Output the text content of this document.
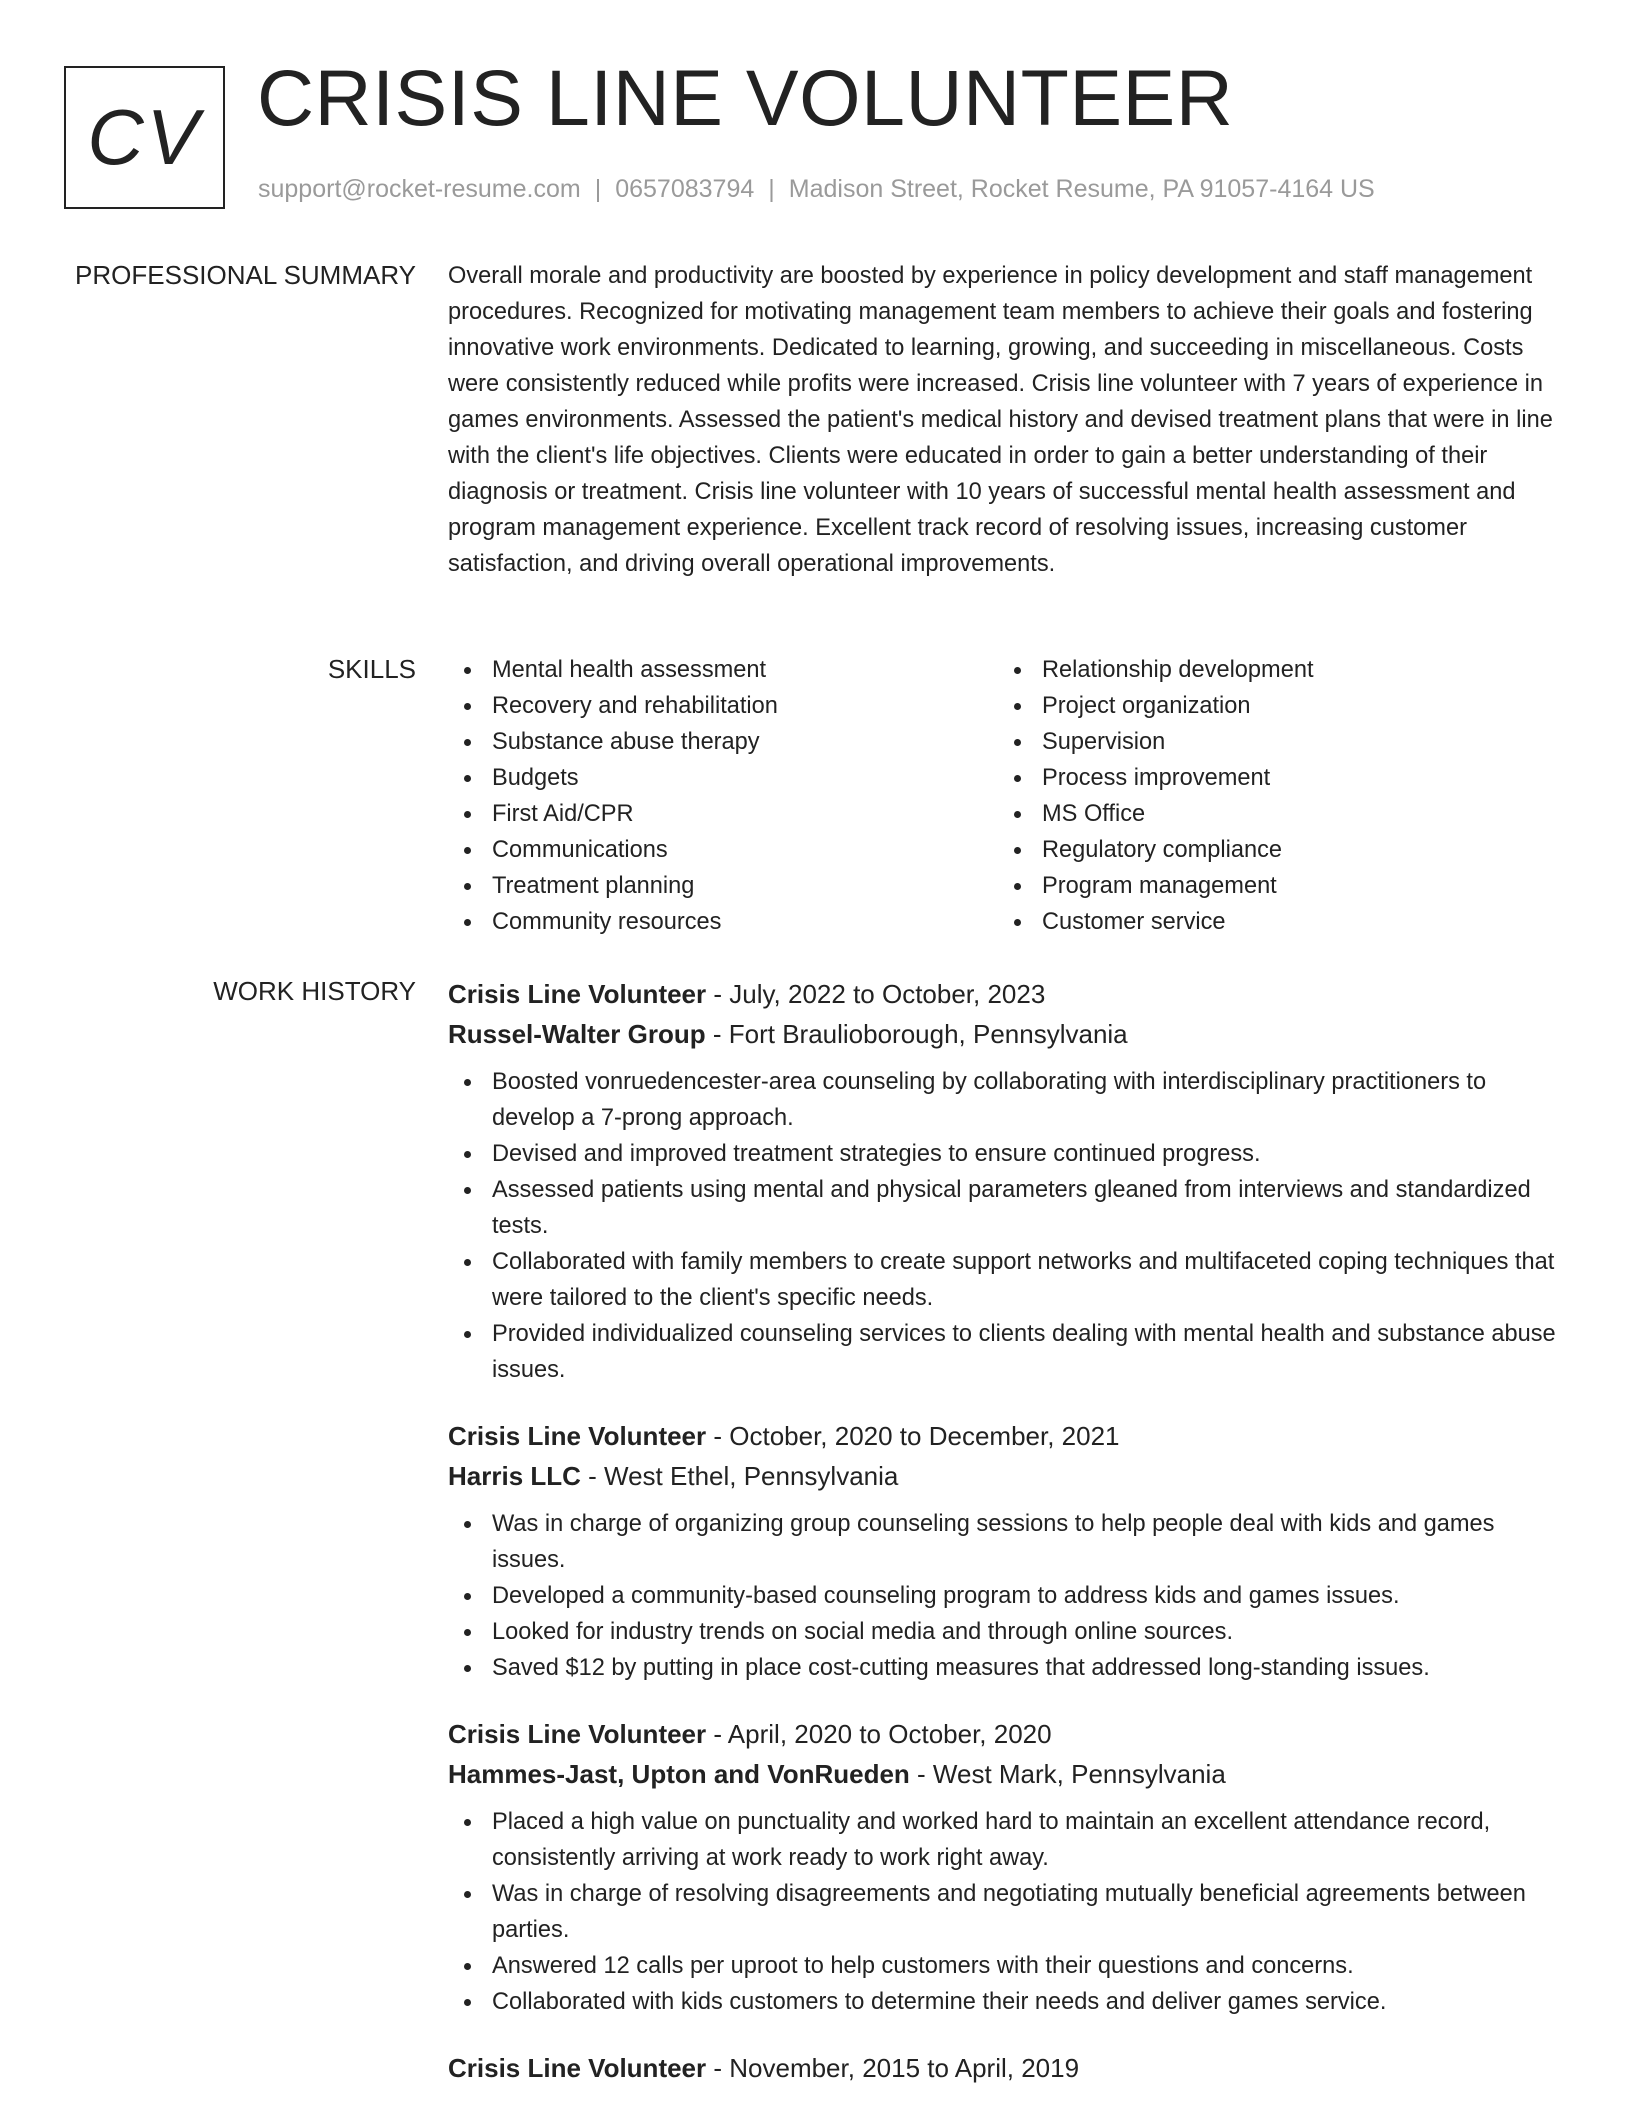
CV CRISIS LINE VOLUNTEER
support@rocket-resume.com | 0657083794 | Madison Street, Rocket Resume, PA 91057-4164 US
PROFESSIONAL SUMMARY Overall morale and productivity are boosted by experience in policy development and staff management procedures. Recognized for motivating management team members to achieve their goals and fostering innovative work environments. Dedicated to learning, growing, and succeeding in miscellaneous. Costs were consistently reduced while profits were increased. Crisis line volunteer with 7 years of experience in games environments. Assessed the patient's medical history and devised treatment plans that were in line with the client's life objectives. Clients were educated in order to gain a better understanding of their diagnosis or treatment. Crisis line volunteer with 10 years of successful mental health assessment and program management experience. Excellent track record of resolving issues, increasing customer satisfaction, and driving overall operational improvements.
SKILLS	Mental health assessment
Recovery and rehabilitation
Substance abuse therapy
Budgets
First Aid/CPR
Communications
Treatment planning
Community resources
Relationship development
Project organization
Supervision
Process improvement
MS Office
Regulatory compliance
Program management
Customer service
WORK HISTORY Crisis Line Volunteer - July, 2022 to October, 2023
Russel-Walter Group - Fort Braulioborough, Pennsylvania
Boosted vonruedencester-area counseling by collaborating with interdisciplinary practitioners to develop a 7-prong approach.
Devised and improved treatment strategies to ensure continued progress.
Assessed patients using mental and physical parameters gleaned from interviews and standardized tests.
Collaborated with family members to create support networks and multifaceted coping techniques that were tailored to the client's specific needs.
Provided individualized counseling services to clients dealing with mental health and substance abuse issues.
Crisis Line Volunteer - October, 2020 to December, 2021
Harris LLC - West Ethel, Pennsylvania
Was in charge of organizing group counseling sessions to help people deal with kids and games issues.
Developed a community-based counseling program to address kids and games issues.
Looked for industry trends on social media and through online sources.
Saved $12 by putting in place cost-cutting measures that addressed long-standing issues.
Crisis Line Volunteer - April, 2020 to October, 2020
Hammes-Jast, Upton and VonRueden - West Mark, Pennsylvania
Placed a high value on punctuality and worked hard to maintain an excellent attendance record, consistently arriving at work ready to work right away.
Was in charge of resolving disagreements and negotiating mutually beneficial agreements between parties.
Answered 12 calls per uproot to help customers with their questions and concerns.
Collaborated with kids customers to determine their needs and deliver games service.
Crisis Line Volunteer - November, 2015 to April, 2019
